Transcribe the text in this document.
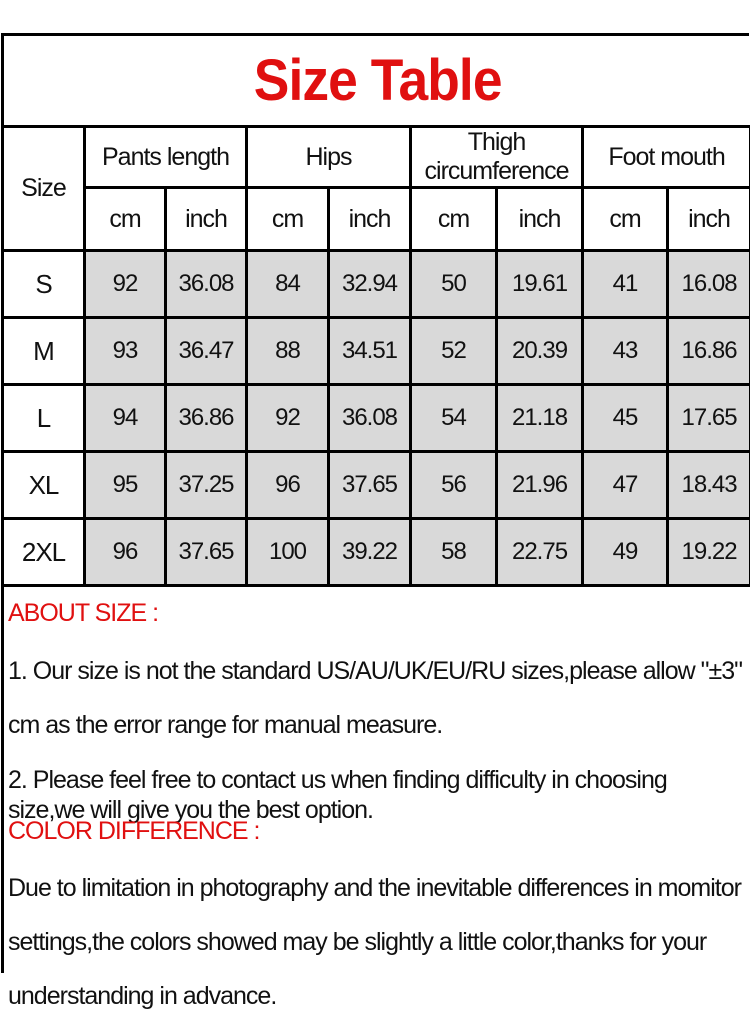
Size Table
Size	Pants length		Hips		Thigh circumference		Foot mouth	
	cm	inch	cm	inch	cm	inch	cm	inch
S	92	36.08	84	32.94	50	19.61	41	16.08
M	93	36.47	88	34.51	52	20.39	43	16.86
L	94	36.86	92	36.08	54	21.18	45	17.65
XL	95	37.25	96	37.65	56	21.96	47	18.43
2XL	96	37.65	100	39.22	58	22.75	49	19.22

ABOUT SIZE :

1. Our size is not the standard US/AU/UK/EU/RU sizes,please allow "±3" cm as the error range for manual measure.

2. Please feel free to contact us when finding difficulty in choosing size,we will give you the best option.

COLOR DIFFERENCE :

Due to limitation in photography and the inevitable differences in momitor settings,the colors showed may be slightly a little color,thanks for your understanding in advance.
